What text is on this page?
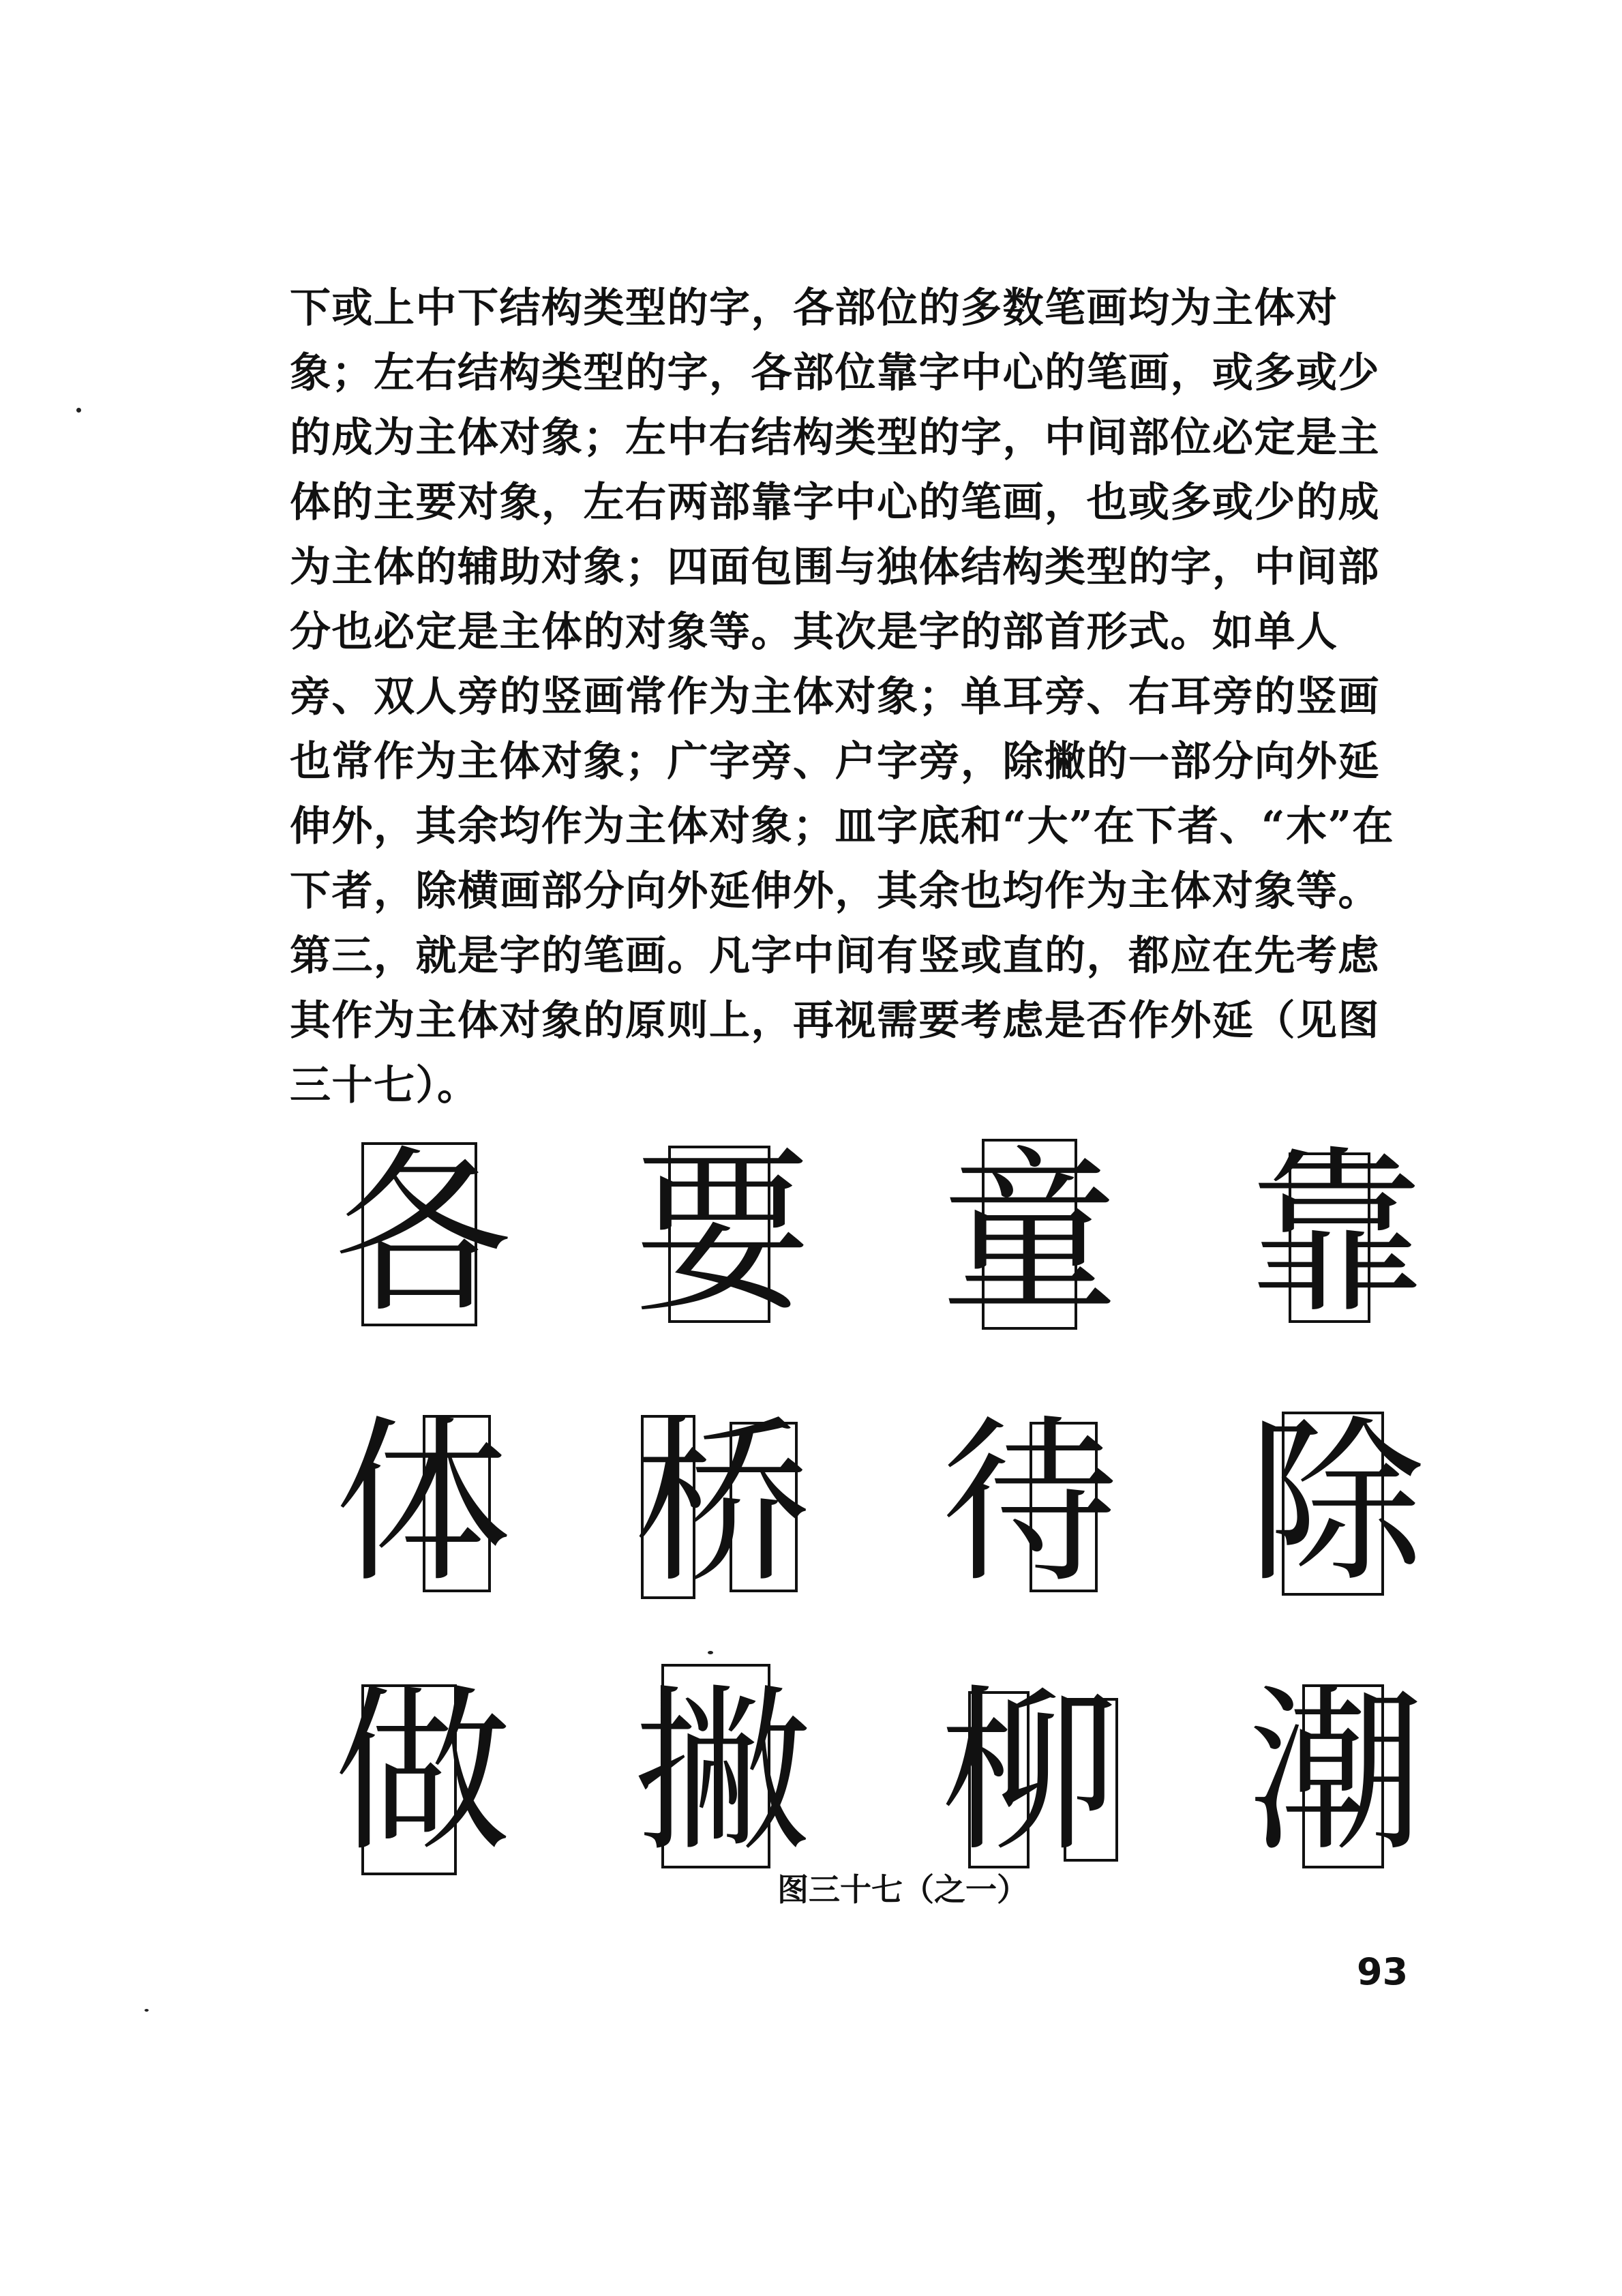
下或上中下结构类型的字，各部位的多数笔画均为主体对
象；左右结构类型的字，各部位靠字中心的笔画，或多或少
的成为主体对象；左中右结构类型的字，中间部位必定是主
体的主要对象，左右两部靠字中心的笔画，也或多或少的成
为主体的辅助对象；四面包围与独体结构类型的字，中间部
分也必定是主体的对象等。其次是字的部首形式。如单人
旁、双人旁的竖画常作为主体对象；单耳旁、右耳旁的竖画
也常作为主体对象；广字旁、户字旁，除撇的一部分向外延
伸外，其余均作为主体对象；皿字底和“大”在下者、“木”在
下者，除横画部分向外延伸外，其余也均作为主体对象等。
第三，就是字的笔画。凡字中间有竖或直的，都应在先考虑
其作为主体对象的原则上，再视需要考虑是否作外延（见图
三十七）。
各 要 童 靠
体 桥 待 除
做 撇 柳 潮
图三十七（之一）
93
